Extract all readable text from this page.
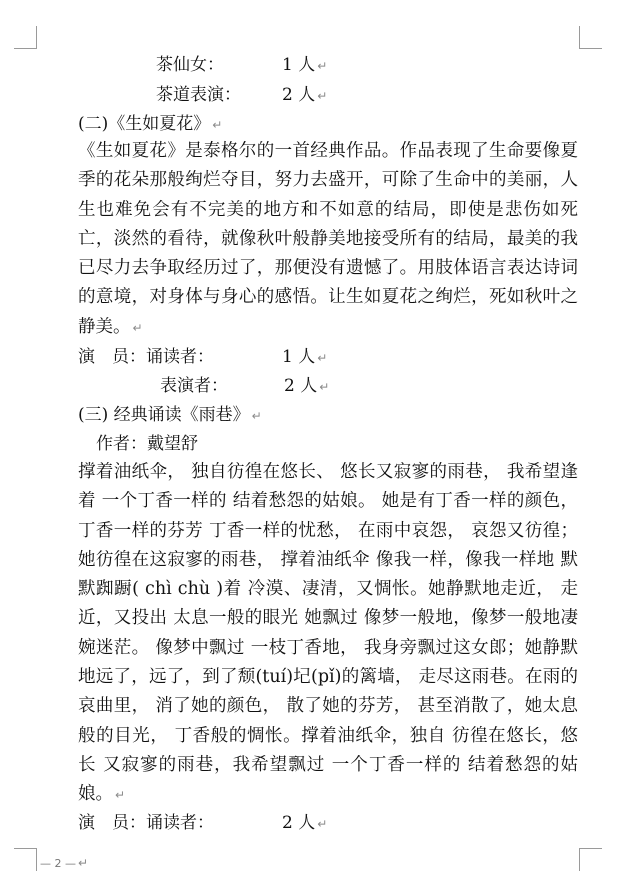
茶仙女：	1 人 ↵
茶道表演： 2 人 ↵
(二)《生如夏花》 ↵
《生如夏花》是泰格尔的一首经典作品。作品表现了生命要像夏季的花朵那般绚烂夺目，努力去盛开，可除了生命中的美丽，人生也难免会有不完美的地方和不如意的结局，即使是悲伤如死亡，淡然的看待，就像秋叶般静美地接受所有的结局，最美的我已尽力去争取经历过了，那便没有遗憾了。用肢体语言表达诗词的意境，对身体与身心的感悟。让生如夏花之绚烂，死如秋叶之静美。 ↵
演　员：诵读者：	1 人 ↵
表演者：	2 人 ↵
(三) 经典诵读《雨巷》 ↵
作者：戴望舒
撑着油纸伞， 独自彷徨在悠长、 悠长又寂寥的雨巷， 我希望逢着 一个丁香一样的 结着愁怨的姑娘。 她是有丁香一样的颜色，丁香一样的芬芳 丁香一样的忧愁， 在雨中哀怨， 哀怨又彷徨；她彷徨在这寂寥的雨巷， 撑着油纸伞 像我一样，像我一样地 默默踟蹰( chì chù )着 冷漠、凄清，又惆怅。她静默地走近， 走近，又投出 太息一般的眼光 她飘过 像梦一般地，像梦一般地凄婉迷茫。 像梦中飘过 一枝丁香地， 我身旁飘过这女郎；她静默地远了，远了，到了颓(tuí)圮(pǐ)的篱墙， 走尽这雨巷。在雨的哀曲里， 消了她的颜色， 散了她的芬芳， 甚至消散了，她太息般的目光， 丁香般的惆怅。撑着油纸伞，独自 彷徨在悠长，悠长 又寂寥的雨巷，我希望飘过 一个丁香一样的 结着愁怨的姑娘。 ↵
演　员：诵读者：	2 人 ↵
— 2 — ↵
